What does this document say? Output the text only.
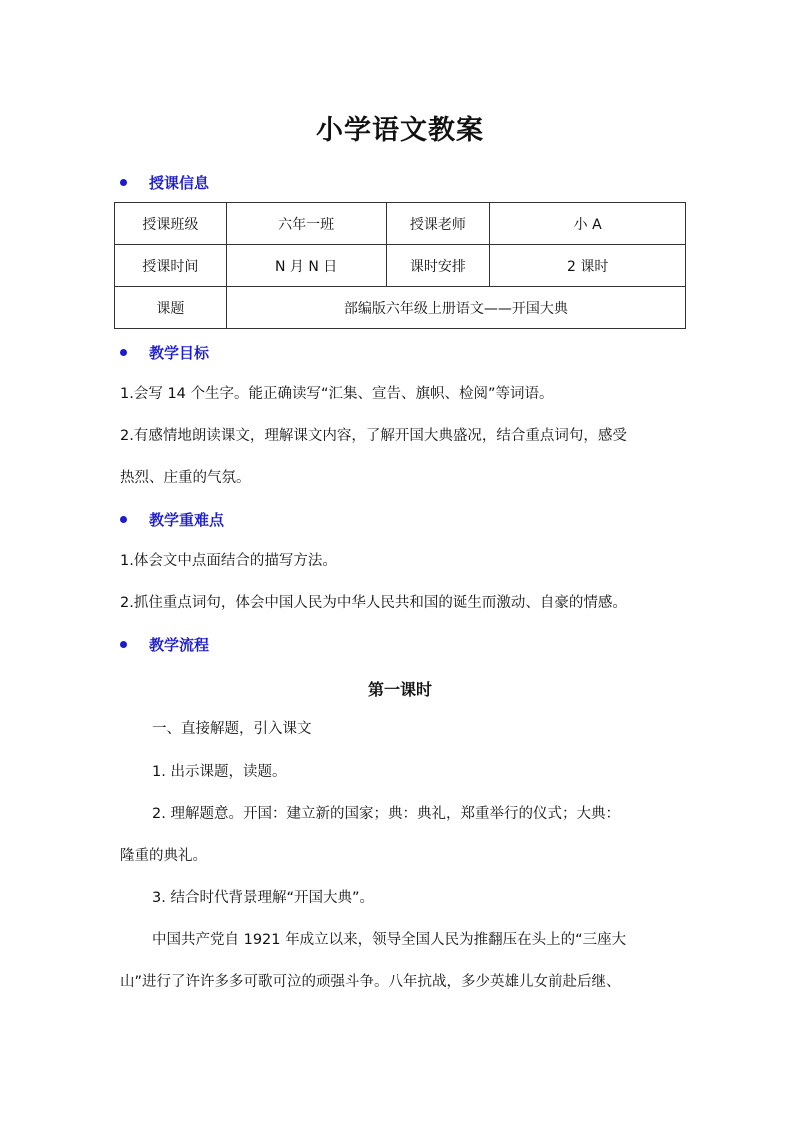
小学语文教案
授课信息
授课班级	六年一班	授课老师	小 A
授课时间	N 月 N 日	课时安排	2 课时
课题	部编版六年级上册语文——开国大典		
教学目标
1.会写 14 个生字。能正确读写“汇集、宣告、旗帜、检阅”等词语。
2.有感情地朗读课文，理解课文内容，了解开国大典盛况，结合重点词句，感受
热烈、庄重的气氛。
教学重难点
1.体会文中点面结合的描写方法。
2.抓住重点词句，体会中国人民为中华人民共和国的诞生而激动、自豪的情感。
教学流程
第一课时
一、直接解题，引入课文
1. 出示课题，读题。
2. 理解题意。开国：建立新的国家；典：典礼，郑重举行的仪式；大典：
隆重的典礼。
3. 结合时代背景理解“开国大典”。
中国共产党自 1921 年成立以来，领导全国人民为推翻压在头上的“三座大
山”进行了许许多多可歌可泣的顽强斗争。八年抗战，多少英雄儿女前赴后继、
